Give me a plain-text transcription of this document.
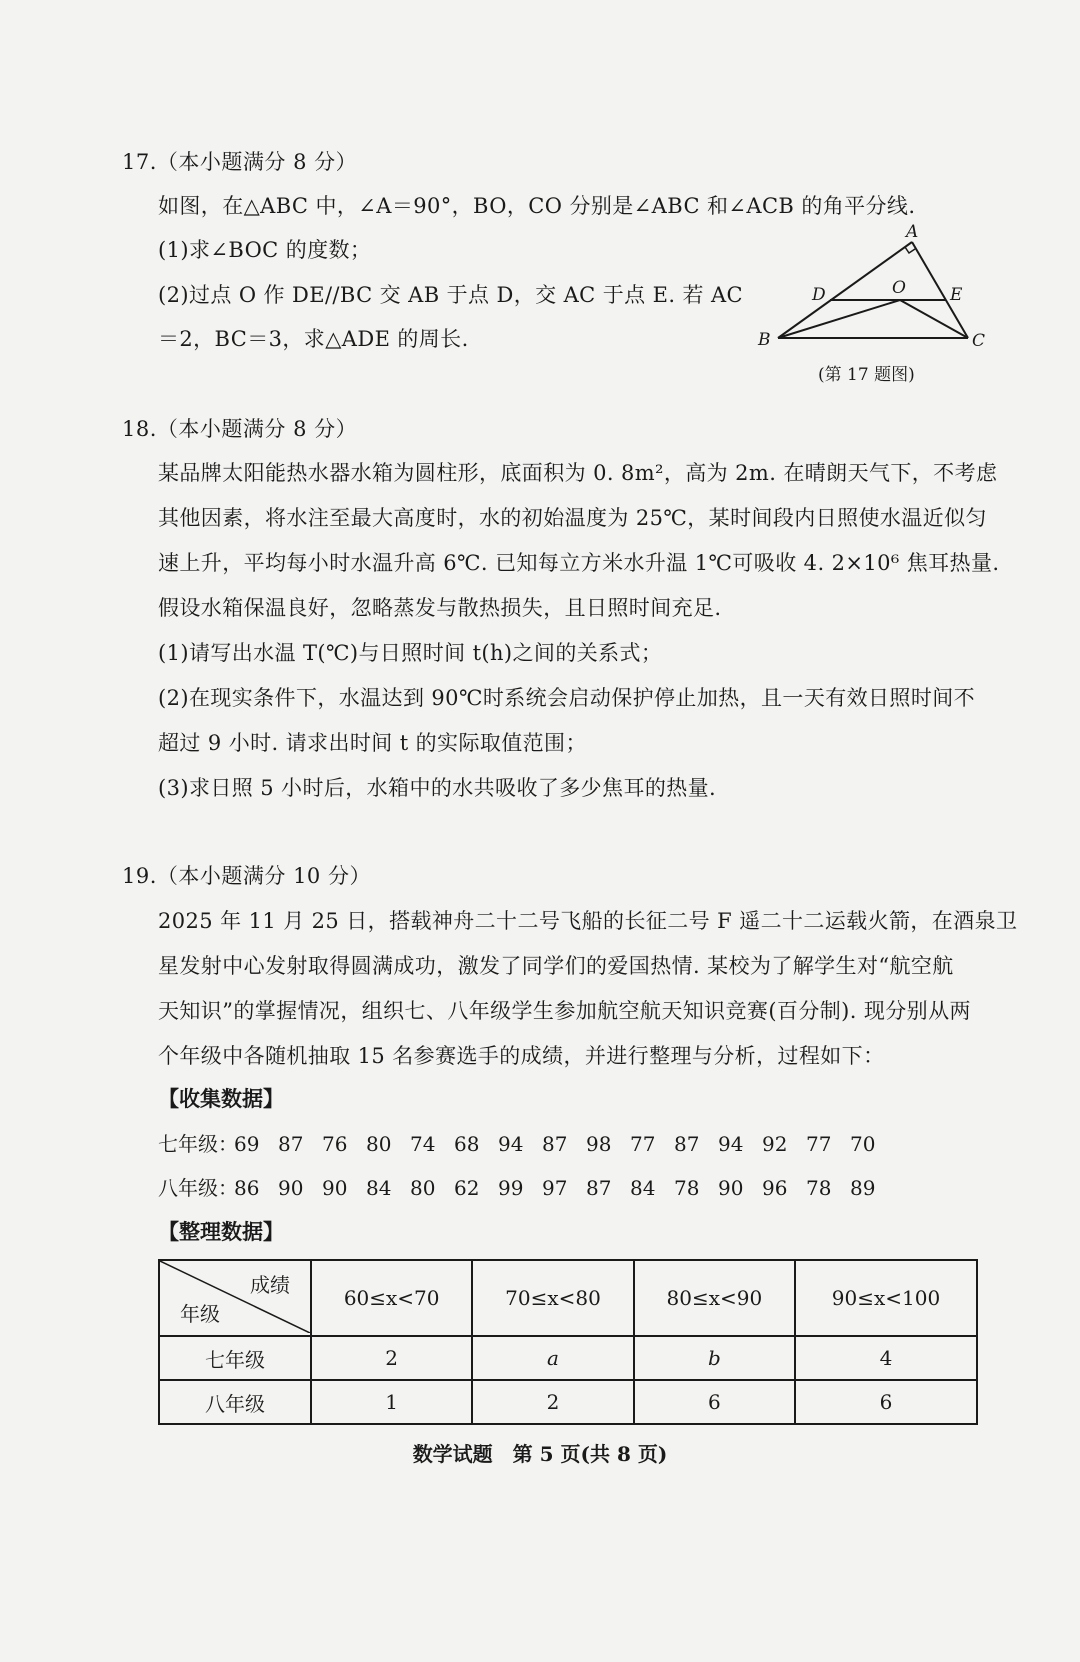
17.（本小题满分 8 分）
如图，在△ABC 中，∠A＝90°，BO，CO 分别是∠ABC 和∠ACB 的角平分线.
(1)求∠BOC 的度数；
(2)过点 O 作 DE//BC 交 AB 于点 D，交 AC 于点 E. 若 AC
＝2，BC＝3，求△ADE 的周长.
A
B	C
D	E
O
(第 17 题图)
18.（本小题满分 8 分）
某品牌太阳能热水器水箱为圆柱形，底面积为 0. 8m²，高为 2m. 在晴朗天气下，不考虑
其他因素，将水注至最大高度时，水的初始温度为 25℃，某时间段内日照使水温近似匀
速上升，平均每小时水温升高 6℃. 已知每立方米水升温 1℃可吸收 4. 2×10⁶ 焦耳热量.
假设水箱保温良好，忽略蒸发与散热损失，且日照时间充足.
(1)请写出水温 T(℃)与日照时间 t(h)之间的关系式；
(2)在现实条件下，水温达到 90℃时系统会启动保护停止加热，且一天有效日照时间不
超过 9 小时. 请求出时间 t 的实际取值范围；
(3)求日照 5 小时后，水箱中的水共吸收了多少焦耳的热量.
19.（本小题满分 10 分）
2025 年 11 月 25 日，搭载神舟二十二号飞船的长征二号 F 遥二十二运载火箭，在酒泉卫
星发射中心发射取得圆满成功，激发了同学们的爱国热情. 某校为了解学生对“航空航
天知识”的掌握情况，组织七、八年级学生参加航空航天知识竞赛(百分制). 现分别从两
个年级中各随机抽取 15 名参赛选手的成绩，并进行整理与分析，过程如下：
【收集数据】
七年级：69 87 76 80 74 68 94 87 98 77 87 94 92 77 70
八年级：86 90 90 84 80 62 99 97 87 84 78 90 96 78 89
【整理数据】
成绩
年级	60≤x<70	70≤x<80	80≤x<90	90≤x<100
七年级	2	a	b	4
八年级	1	2	6	6
数学试题　第 5 页(共 8 页)
